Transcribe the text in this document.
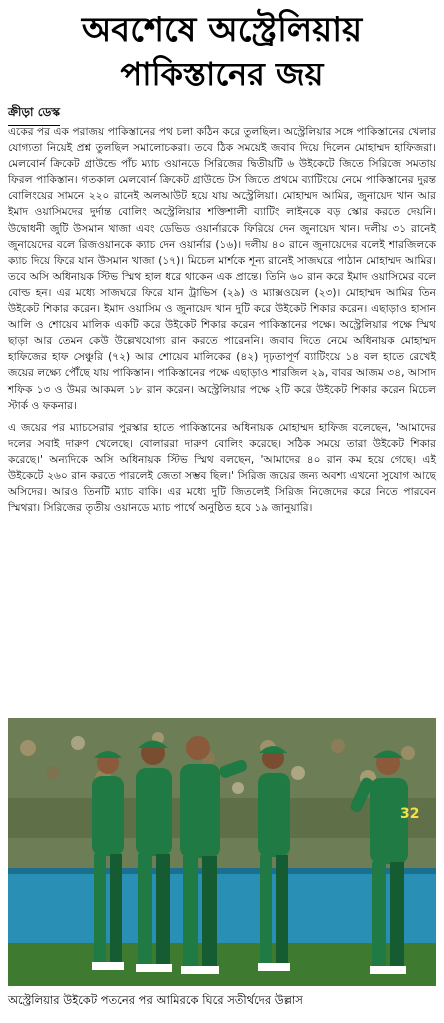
অবশেষে অস্ট্রেলিয়ায়
পাকিস্তানের জয়
ক্রীড়া ডেস্ক

একের পর এক পরাজয় পাকিস্তানের পথ চলা কঠিন করে তুলছিল। অস্ট্রেলিয়ার সঙ্গে পাকিস্তানের খেলার যোগ্যতা নিয়েই প্রশ্ন তুলছিল সমালোচকরা। তবে ঠিক সময়েই জবাব দিয়ে দিলেন মোহাম্মদ হাফিজরা। মেলবোর্ন ক্রিকেট গ্রাউন্ডে পাঁচ ম্যাচ ওয়ানডে সিরিজের দ্বিতীয়টি ৬ উইকেটে জিতে সিরিজে সমতায় ফিরল পাকিস্তান। গতকাল মেলবোর্ন ক্রিকেট গ্রাউন্ডে টস জিতে প্রথমে ব্যাটিংয়ে নেমে পাকিস্তানের দুরন্ত বোলিংয়ের সামনে ২২০ রানেই অলআউট হয়ে যায় অস্ট্রেলিয়া। মোহাম্মদ আমির, জুনায়েদ খান আর ইমাদ ওয়াসিমদের দুর্দান্ত বোলিং অস্ট্রেলিয়ার শক্তিশালী ব্যাটিং লাইনকে বড় স্কোর করতে দেয়নি। উদ্বোধনী জুটি উসমান খাজা এবং ডেভিড ওয়ার্নারকে ফিরিয়ে দেন জুনায়েদ খান। দলীয় ৩১ রানেই জুনায়েদের বলে রিজওয়ানকে ক্যাচ দেন ওয়ার্নার (১৬)। দলীয় ৪০ রানে জুনায়েদের বলেই শারজিলকে ক্যাচ দিয়ে ফিরে যান উসমান খাজা (১৭)। মিচেল মার্শকে শূন্য রানেই সাজঘরে পাঠান মোহাম্মদ আমির। তবে অসি অধিনায়ক স্টিভ স্মিথ হাল ধরে থাকেন এক প্রান্তে। তিনি ৬০ রান করে ইমাদ ওয়াসিমের বলে বোল্ড হন। এর মধ্যে সাজঘরে ফিরে যান ট্রাভিস (২৯) ও ম্যাক্সওয়েল (২৩)। মোহাম্মদ আমির তিন উইকেট শিকার করেন। ইমাদ ওয়াসিম ও জুনায়েদ খান দুটি করে উইকেট শিকার করেন। এছাড়াও হাসান আলি ও শোয়েব মালিক একটি করে উইকেট শিকার করেন পাকিস্তানের পক্ষে। অস্ট্রেলিয়ার পক্ষে স্মিথ ছাড়া আর তেমন কেউ উল্লেখযোগ্য রান করতে পারেননি। জবাব দিতে নেমে অধিনায়ক মোহাম্মদ হাফিজের হাফ সেঞ্চুরি (৭২) আর শোয়েব মালিকের (৪২) দৃঢ়তাপূর্ণ ব্যাটিংয়ে ১৪ বল হাতে রেখেই জয়ের লক্ষ্যে পৌঁছে যায় পাকিস্তান। পাকিস্তানের পক্ষে এছাড়াও শারজিল ২৯, বাবর আজম ৩৪, আসাদ শফিক ১৩ ও উমর আকমল ১৮ রান করেন। অস্ট্রেলিয়ার পক্ষে ২টি করে উইকেট শিকার করেন মিচেল স্টার্ক ও ফকনার।

এ জয়ের পর ম্যাচসেরার পুরস্কার হাতে পাকিস্তানের অধিনায়ক মোহাম্মদ হাফিজ বলেছেন, 'আমাদের দলের সবাই দারুণ খেলেছে। বোলাররা দারুণ বোলিং করেছে। সঠিক সময়ে তারা উইকেট শিকার করেছে।' অন্যদিকে অসি অধিনায়ক স্টিভ স্মিথ বলছেন, 'আমাদের ৪০ রান কম হয়ে গেছে। এই উইকেটে ২৬০ রান করতে পারলেই জেতা সম্ভব ছিল।' সিরিজ জয়ের জন্য অবশ্য এখনো সুযোগ আছে অসিদের। আরও তিনটি ম্যাচ বাকি। এর মধ্যে দুটি জিতলেই সিরিজ নিজেদের করে নিতে পারবেন স্মিথরা। সিরিজের তৃতীয় ওয়ানডে ম্যাচ পার্থে অনুষ্ঠিত হবে ১৯ জানুয়ারি।

32
অস্ট্রেলিয়ার উইকেট পতনের পর আমিরকে ঘিরে সতীর্থদের উল্লাস
